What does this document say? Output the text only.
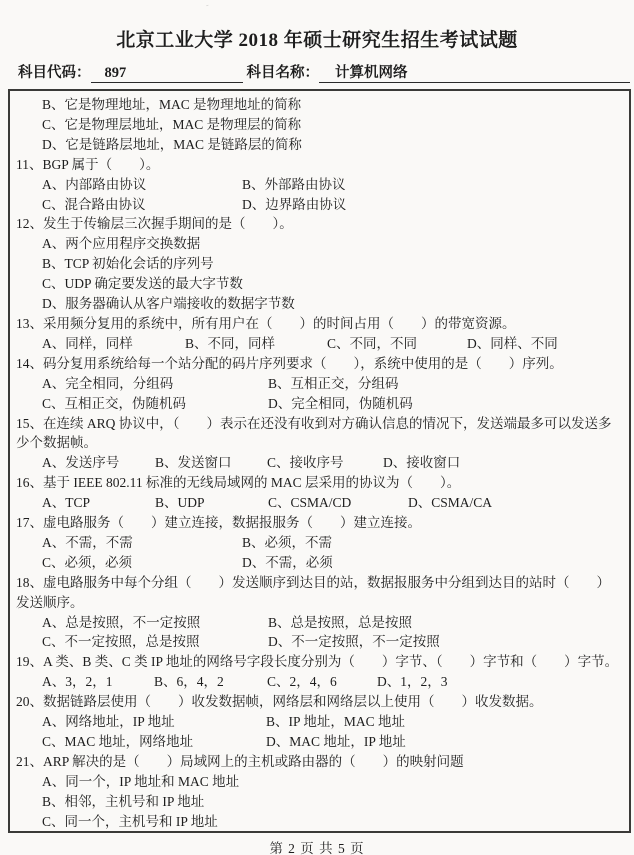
〜᷍	᷉
北京工业大学 2018 年硕士研究生招生考试试题
科目代码： 897	科目名称：	计算机网络
B、它是物理地址，MAC 是物理地址的简称
C、它是物理层地址，MAC 是物理层的简称
D、它是链路层地址，MAC 是链路层的简称
11、BGP 属于（　　）。
A、内部路由协议	B、外部路由协议
C、混合路由协议	D、边界路由协议
12、发生于传输层三次握手期间的是（　　）。
A、两个应用程序交换数据
B、TCP 初始化会话的序列号
C、UDP 确定要发送的最大字节数
D、服务器确认从客户端接收的数据字节数
13、采用频分复用的系统中，所有用户在（　　）的时间占用（　　）的带宽资源。
A、同样，同样	B、不同，同样	C、不同，不同	D、同样、不同
14、码分复用系统给每一个站分配的码片序列要求（　　），系统中使用的是（　　）序列。
A、完全相同，分组码	B、互相正交，分组码
C、互相正交，伪随机码	D、完全相同，伪随机码
15、在连续 ARQ 协议中，（　　）表示在还没有收到对方确认信息的情况下，发送端最多可以发送多
少个数据帧。
A、发送序号	B、发送窗口	C、接收序号	D、接收窗口
16、基于 IEEE 802.11 标准的无线局域网的 MAC 层采用的协议为（　　）。
A、TCP	B、UDP	C、CSMA/CD	D、CSMA/CA
17、虚电路服务（　　）建立连接，数据报服务（　　）建立连接。
A、不需，不需	B、必须，不需
C、必须，必须	D、不需，必须
18、虚电路服务中每个分组（　　）发送顺序到达目的站，数据报服务中分组到达目的站时（　　）
发送顺序。
A、总是按照，不一定按照	B、总是按照，总是按照
C、不一定按照，总是按照	D、不一定按照，不一定按照
19、A 类、B 类、C 类 IP 地址的网络号字段长度分别为（　　）字节、（　　）字节和（　　）字节。
A、3，2，1	B、6，4，2	C、2，4，6	D、1，2，3
20、数据链路层使用（　　）收发数据帧，网络层和网络层以上使用（　　）收发数据。
A、网络地址，IP 地址	B、IP 地址，MAC 地址
C、MAC 地址，网络地址	D、MAC 地址，IP 地址
21、ARP 解决的是（　　）局域网上的主机或路由器的（　　）的映射问题
A、同一个，IP 地址和 MAC 地址
B、相邻，主机号和 IP 地址
C、同一个，主机号和 IP 地址
第 2 页 共 5 页
